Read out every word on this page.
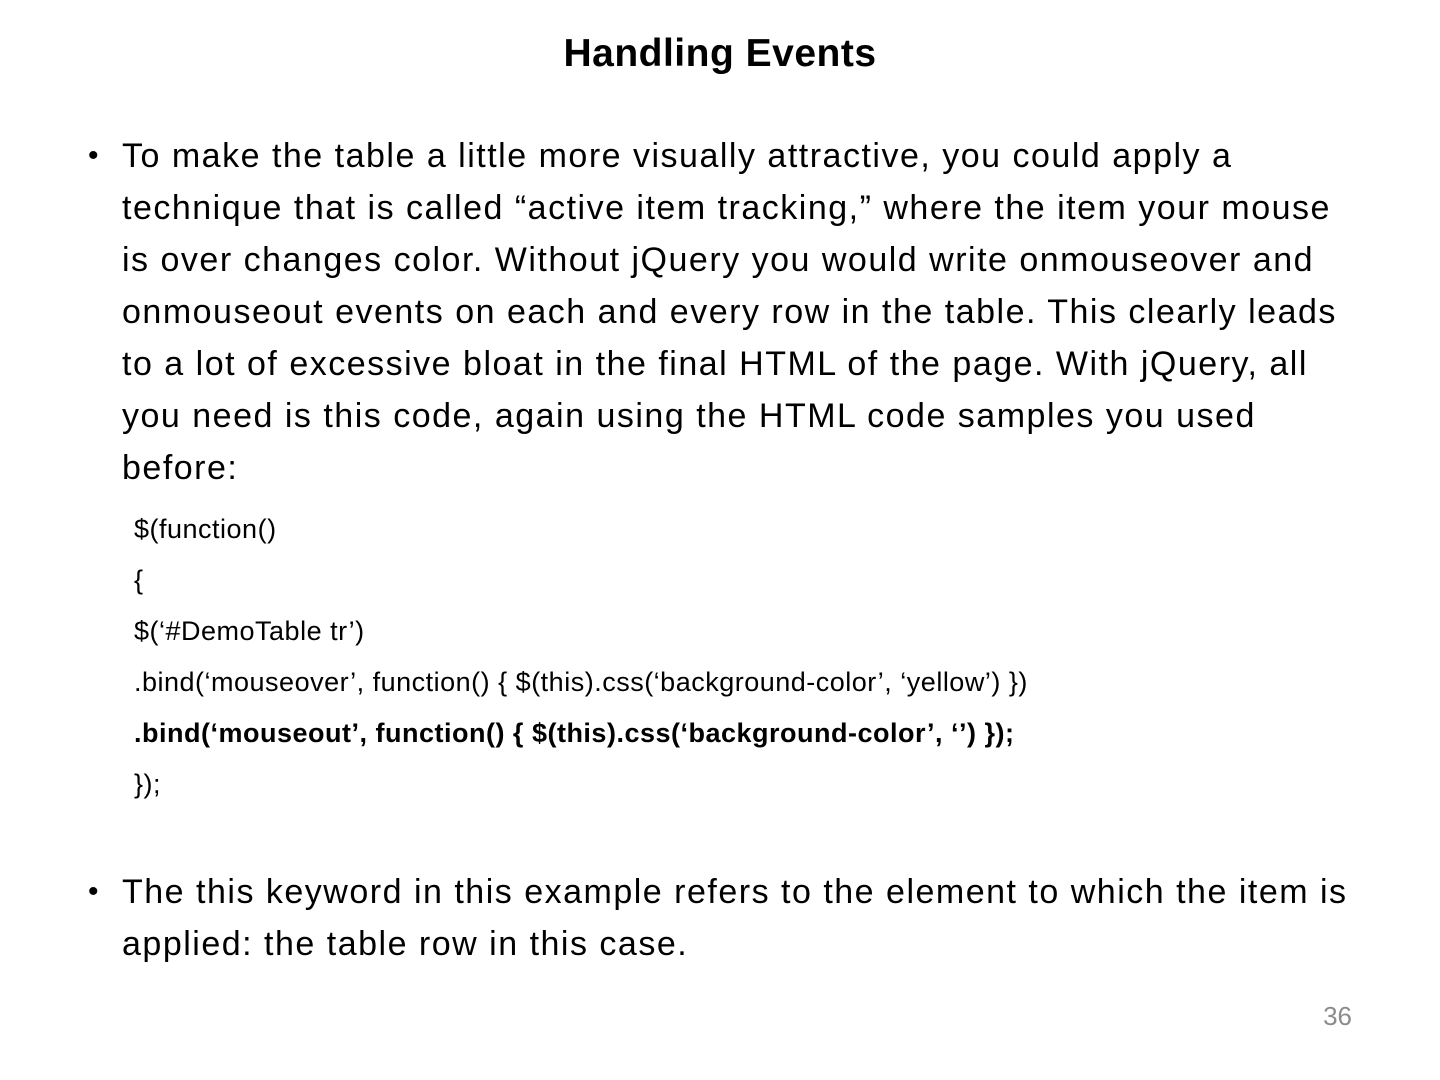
Handling Events
• To make the table a little more visually attractive, you could apply a technique that is called “active item tracking,” where the item your mouse is over changes color. Without jQuery you would write onmouseover and onmouseout events on each and every row in the table. This clearly leads to a lot of excessive bloat in the final HTML of the page. With jQuery, all you need is this code, again using the HTML code samples you used before:

$(function()
{
$(‘#DemoTable tr’)
.bind(‘mouseover’, function() { $(this).css(‘background-color’, ‘yellow’) })
.bind(‘mouseout’, function() { $(this).css(‘background-color’, ‘’) });
});
• The this keyword in this example refers to the element to which the item is applied: the table row in this case.

36
